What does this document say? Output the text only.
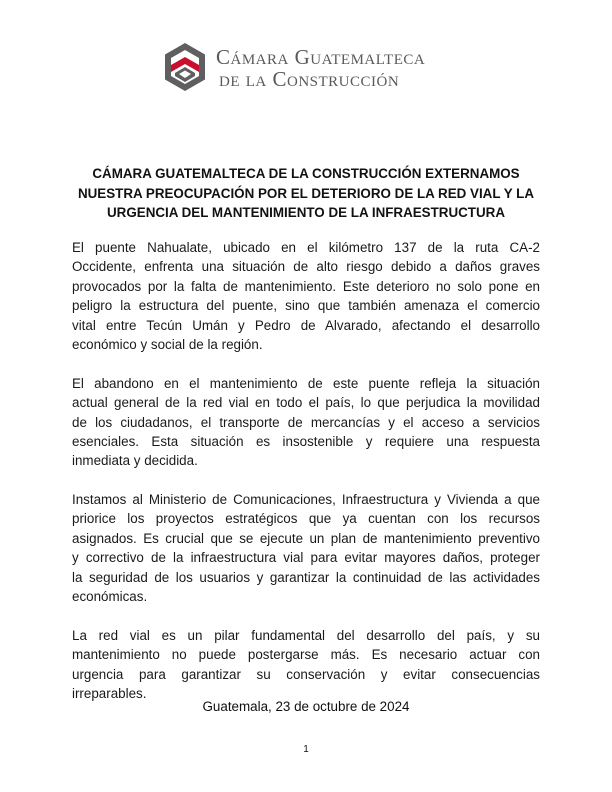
Cámara Guatemalteca
de la Construcción
CÁMARA GUATEMALTECA DE LA CONSTRUCCIÓN EXTERNAMOS
NUESTRA PREOCUPACIÓN POR EL DETERIORO DE LA RED VIAL Y LA
URGENCIA DEL MANTENIMIENTO DE LA INFRAESTRUCTURA

El puente Nahualate, ubicado en el kilómetro 137 de la ruta CA-2
Occidente, enfrenta una situación de alto riesgo debido a daños graves
provocados por la falta de mantenimiento. Este deterioro no solo pone en
peligro la estructura del puente, sino que también amenaza el comercio
vital entre Tecún Umán y Pedro de Alvarado, afectando el desarrollo
económico y social de la región.

El abandono en el mantenimiento de este puente refleja la situación
actual general de la red vial en todo el país, lo que perjudica la movilidad
de los ciudadanos, el transporte de mercancías y el acceso a servicios
esenciales. Esta situación es insostenible y requiere una respuesta
inmediata y decidida.

Instamos al Ministerio de Comunicaciones, Infraestructura y Vivienda a que
priorice los proyectos estratégicos que ya cuentan con los recursos
asignados. Es crucial que se ejecute un plan de mantenimiento preventivo
y correctivo de la infraestructura vial para evitar mayores daños, proteger
la seguridad de los usuarios y garantizar la continuidad de las actividades
económicas.

La red vial es un pilar fundamental del desarrollo del país, y su
mantenimiento no puede postergarse más. Es necesario actuar con
urgencia para garantizar su conservación y evitar consecuencias
irreparables.

Guatemala, 23 de octubre de 2024
1
